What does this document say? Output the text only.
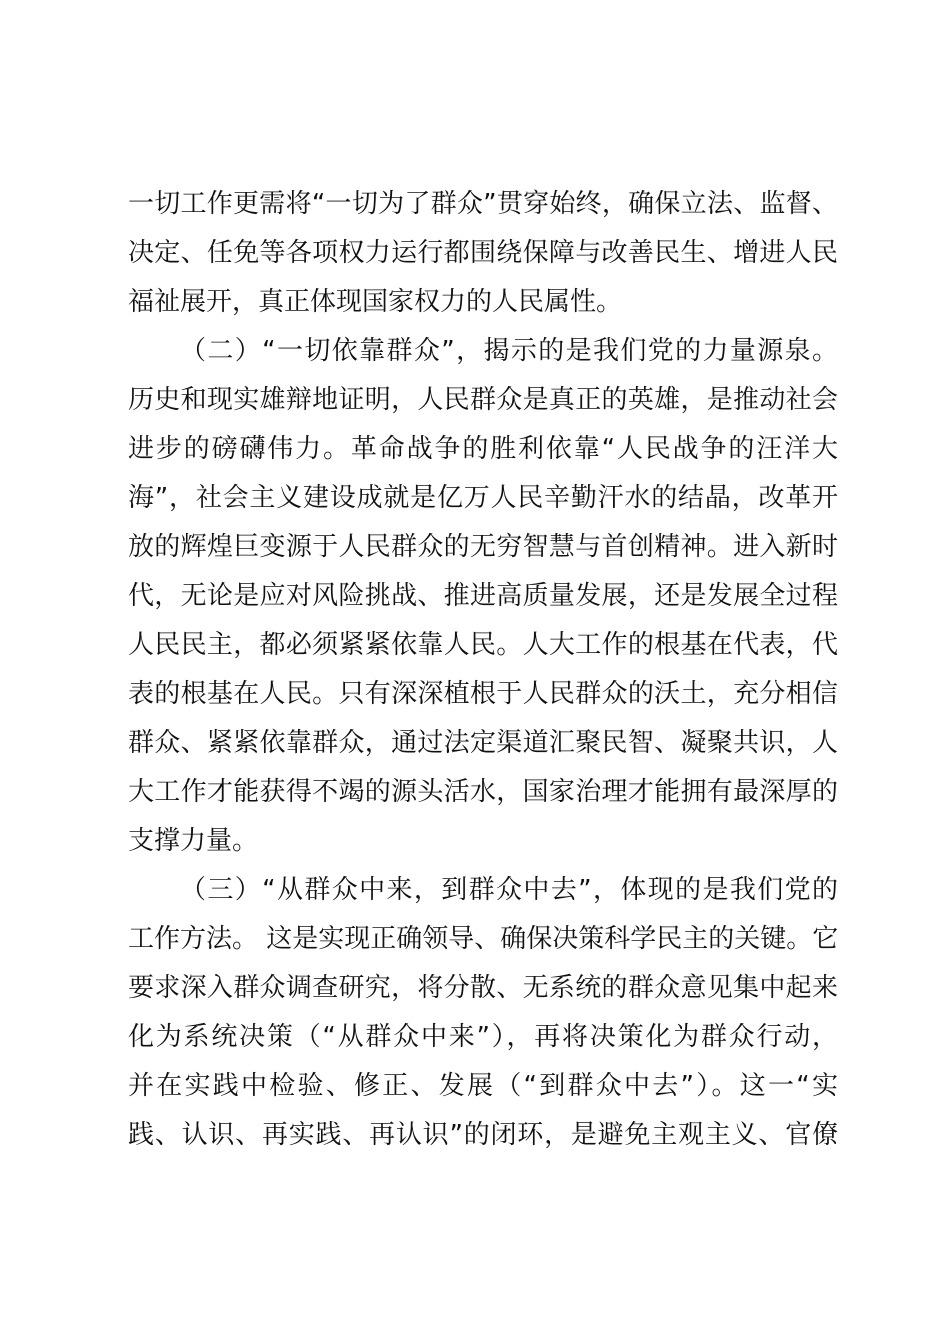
一切工作更需将“一切为了群众”贯穿始终，确保立法、监督、
决定、任免等各项权力运行都围绕保障与改善民生、增进人民
福祉展开，真正体现国家权力的人民属性。
（二）“一切依靠群众”，揭示的是我们党的力量源泉。
历史和现实雄辩地证明，人民群众是真正的英雄，是推动社会
进步的磅礴伟力。革命战争的胜利依靠“人民战争的汪洋大
海”，社会主义建设成就是亿万人民辛勤汗水的结晶，改革开
放的辉煌巨变源于人民群众的无穷智慧与首创精神。进入新时
代，无论是应对风险挑战、推进高质量发展，还是发展全过程
人民民主，都必须紧紧依靠人民。人大工作的根基在代表，代
表的根基在人民。只有深深植根于人民群众的沃土，充分相信
群众、紧紧依靠群众，通过法定渠道汇聚民智、凝聚共识，人
大工作才能获得不竭的源头活水，国家治理才能拥有最深厚的
支撑力量。
（三）“从群众中来，到群众中去”，体现的是我们党的
工作方法。 这是实现正确领导、确保决策科学民主的关键。它
要求深入群众调查研究，将分散、无系统的群众意见集中起来
化为系统决策（“从群众中来”），再将决策化为群众行动，
并在实践中检验、修正、发展（“到群众中去”）。这一“实
践、认识、再实践、再认识”的闭环，是避免主观主义、官僚
